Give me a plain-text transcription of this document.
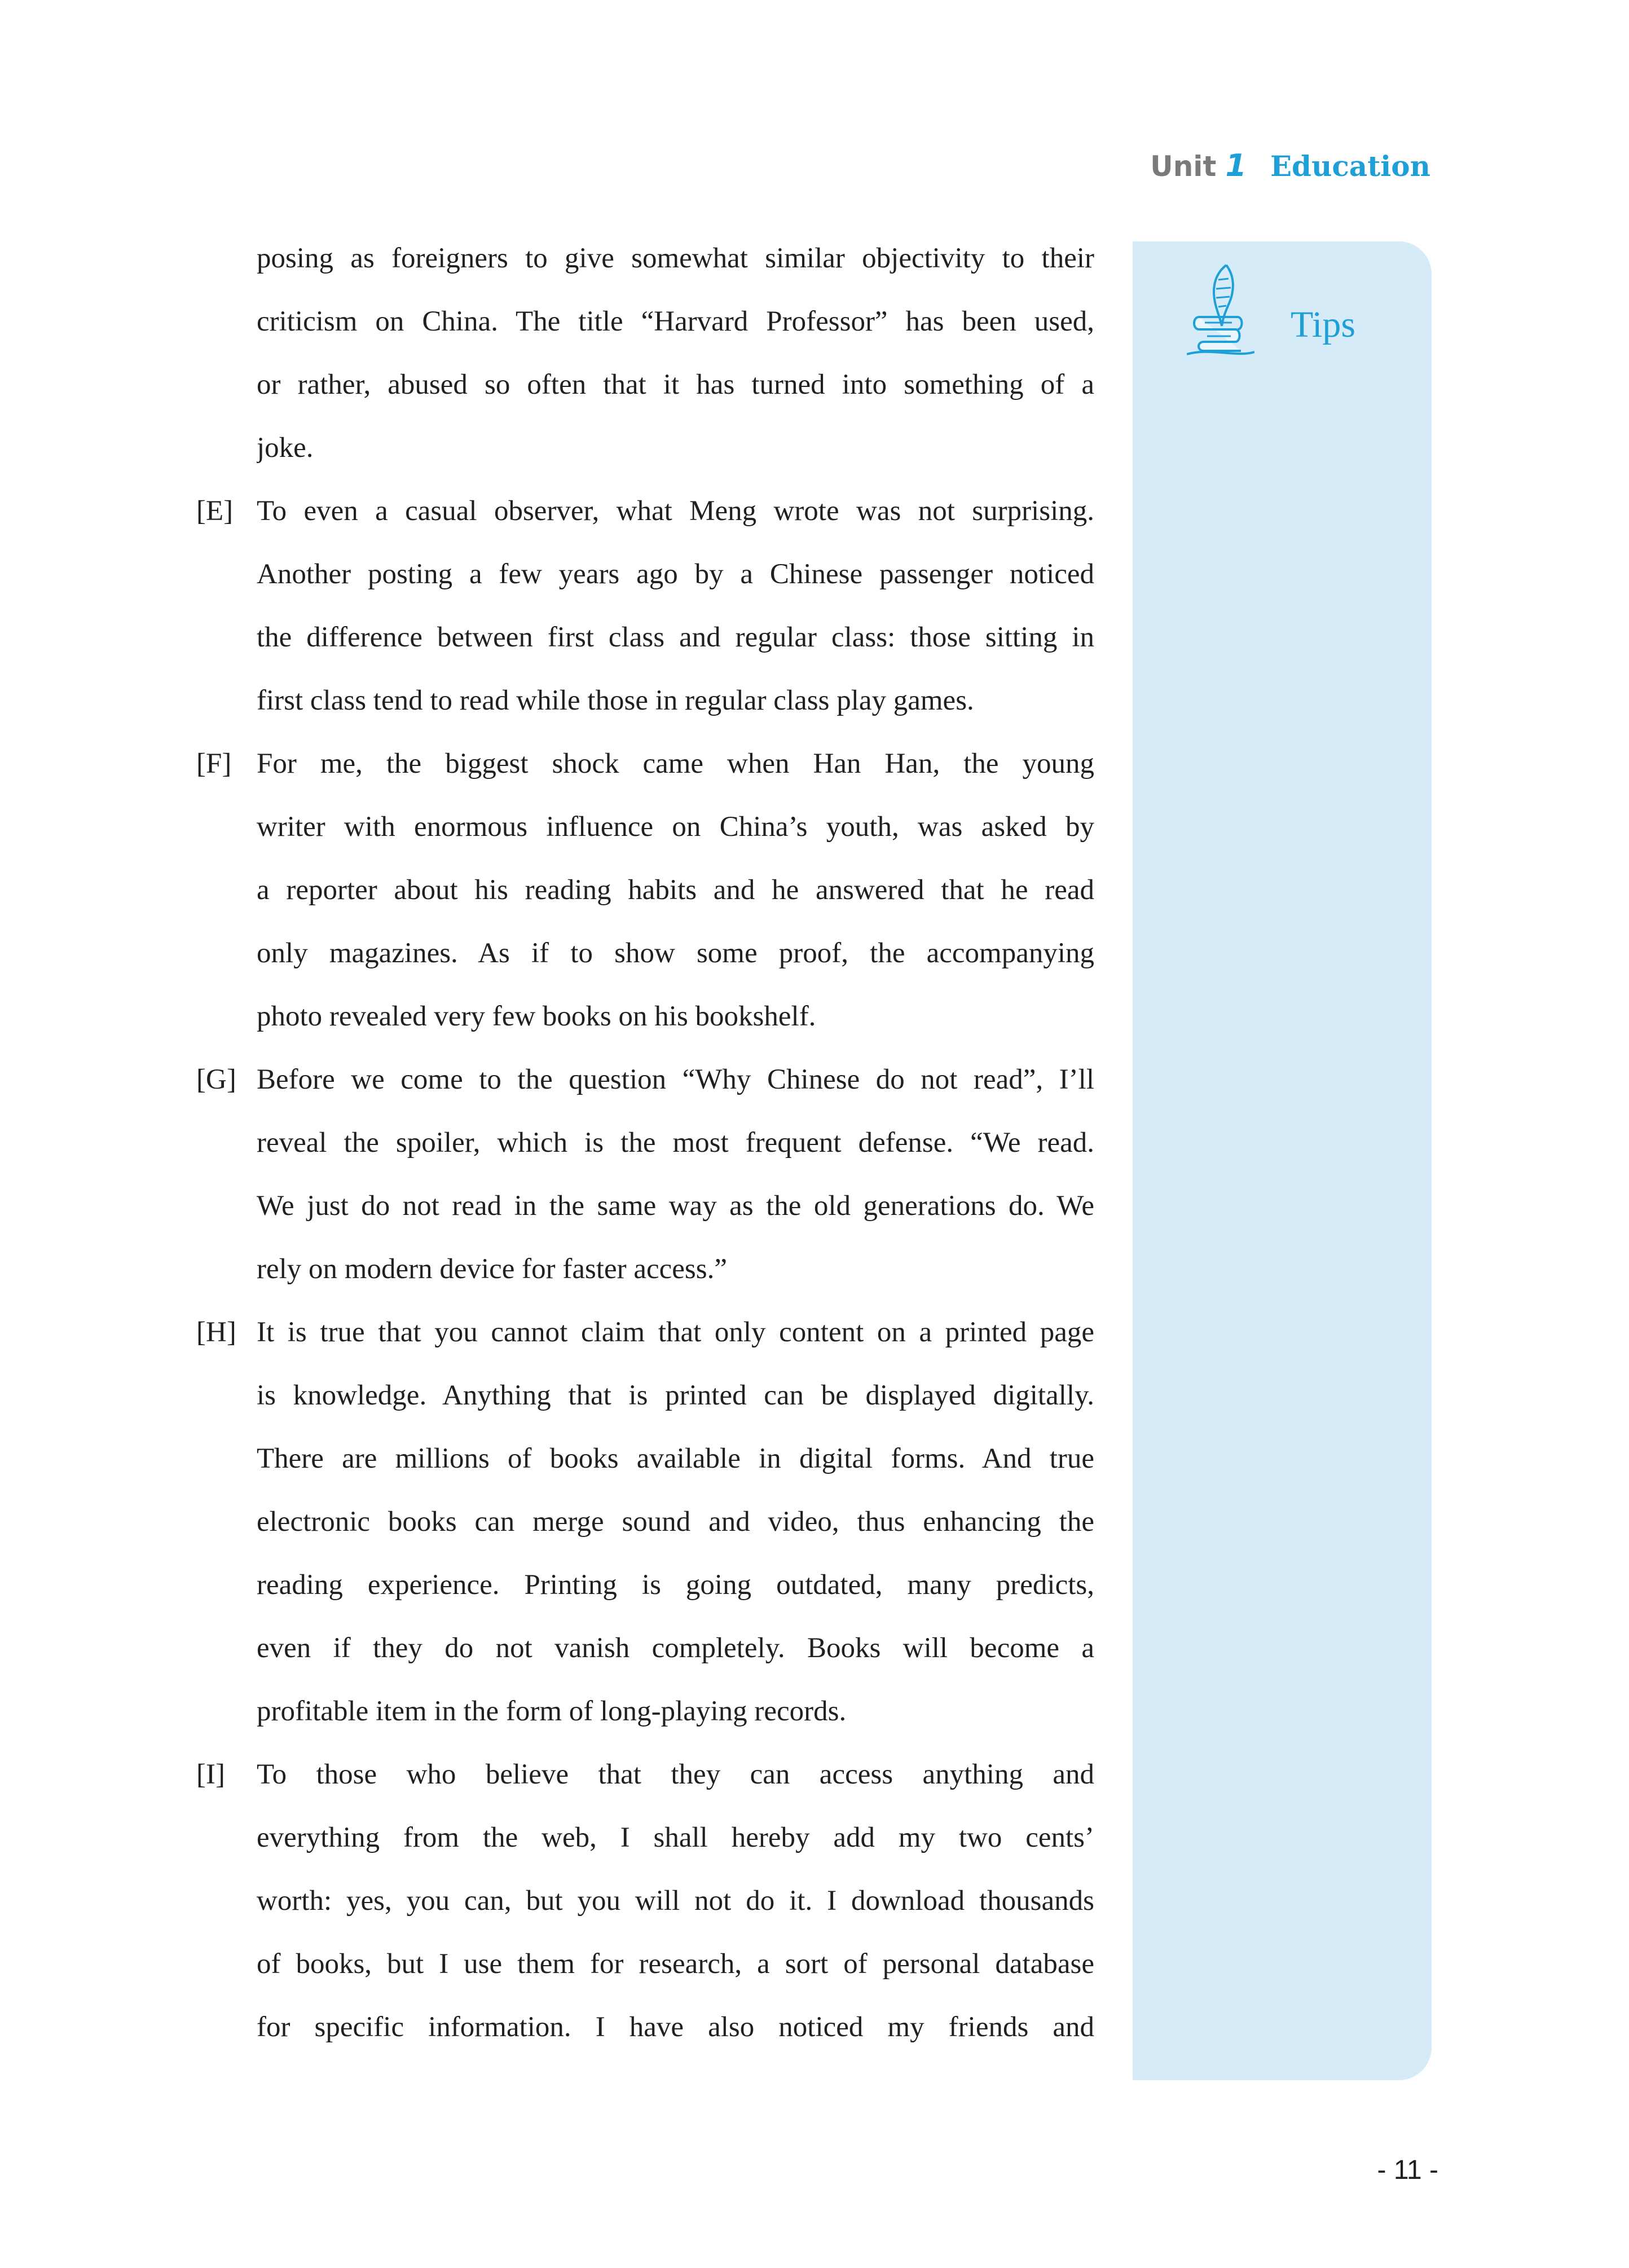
Unit 1 Education
Tips
posing as foreigners to give somewhat similar objectivity to their
criticism on China. The title “Harvard Professor” has been used,
or rather, abused so often that it has turned into something of a
joke.
[E] To even a casual observer, what Meng wrote was not surprising.
Another posting a few years ago by a Chinese passenger noticed
the difference between first class and regular class: those sitting in
first class tend to read while those in regular class play games.
[F] For me, the biggest shock came when Han Han, the young
writer with enormous influence on China’s youth, was asked by
a reporter about his reading habits and he answered that he read
only magazines. As if to show some proof, the accompanying
photo revealed very few books on his bookshelf.
[G] Before we come to the question “Why Chinese do not read”, I’ll
reveal the spoiler, which is the most frequent defense. “We read.
We just do not read in the same way as the old generations do. We
rely on modern device for faster access.”
[H] It is true that you cannot claim that only content on a printed page
is knowledge. Anything that is printed can be displayed digitally.
There are millions of books available in digital forms. And true
electronic books can merge sound and video, thus enhancing the
reading experience. Printing is going outdated, many predicts,
even if they do not vanish completely. Books will become a
profitable item in the form of long-playing records.
[I]	To those who believe that they can access anything and
everything from the web, I shall hereby add my two cents’
worth: yes, you can, but you will not do it. I download thousands
of books, but I use them for research, a sort of personal database
for specific information. I have also noticed my friends and
- 11 -
